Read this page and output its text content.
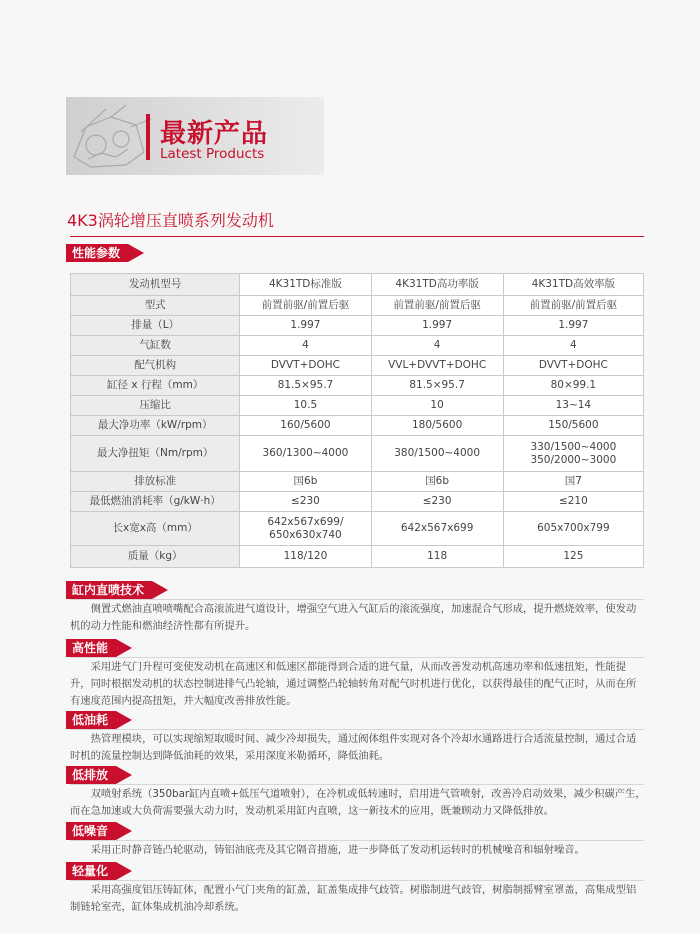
最新产品
Latest Products
4K3涡轮增压直喷系列发动机
性能参数
发动机型号	4K31TD标准版	4K31TD高功率版	4K31TD高效率版
型式	前置前驱/前置后驱	前置前驱/前置后驱	前置前驱/前置后驱
排量（L）	1.997	1.997	1.997
气缸数	4	4	4
配气机构	DVVT+DOHC	VVL+DVVT+DOHC	DVVT+DOHC
缸径 x 行程（mm）	81.5×95.7	81.5×95.7	80×99.1
压缩比	10.5	10	13~14
最大净功率（kW/rpm）	160/5600	180/5600	150/5600
最大净扭矩（Nm/rpm）	360/1300~4000	380/1500~4000	330/1500~4000
350/2000~3000

排放标准	国6b	国6b	国7
最低燃油消耗率（g/kW·h）	≤230	≤230	≤210
长x宽x高（mm）	642x567x699/
650x630x740	642x567x699	605x700x799
质量（kg）	118/120	118	125
缸内直喷技术
侧置式燃油直喷喷嘴配合高滚流进气道设计，增强空气进入气缸后的滚流强度，加速混合气形成，提升燃烧效率，使发动机的动力性能和燃油经济性都有所提升。
高性能
采用进气门升程可变使发动机在高速区和低速区都能得到合适的进气量，从而改善发动机高速功率和低速扭矩，性能提升，同时根据发动机的状态控制进排气凸轮轴，通过调整凸轮轴转角对配气时机进行优化，以获得最佳的配气正时，从而在所有速度范围内提高扭矩，并大幅度改善排放性能。
低油耗
热管理模块，可以实现缩短取暖时间、减少冷却损失，通过阀体组件实现对各个冷却水通路进行合适流量控制，通过合适时机的流量控制达到降低油耗的效果，采用深度米勒循环，降低油耗。
低排放
双喷射系统（350bar缸内直喷+低压气道喷射），在冷机或低转速时，启用进气管喷射，改善冷启动效果，减少积碳产生，而在急加速或大负荷需要强大动力时，发动机采用缸内直喷，这一新技术的应用，既兼顾动力又降低排放。
低噪音
采用正时静音链凸轮驱动，铸铝油底壳及其它隔音措施，进一步降低了发动机运转时的机械噪音和辐射噪音。
轻量化
采用高强度铝压铸缸体，配置小气门夹角的缸盖，缸盖集成排气歧管。树脂制进气歧管，树脂制摇臂室罩盖，高集成型铝制链轮室壳，缸体集成机油冷却系统。
